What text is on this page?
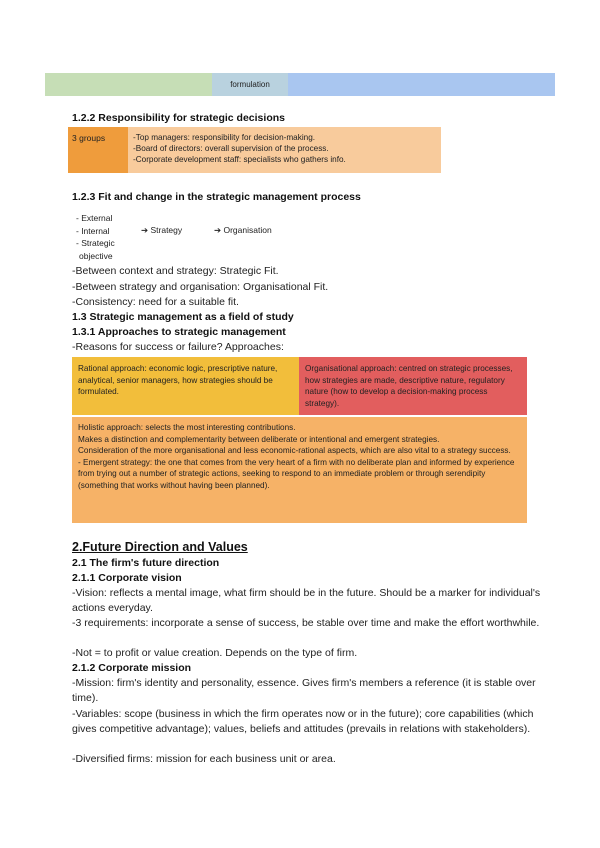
formulation
1.2.2 Responsibility for strategic decisions
3 groups	-Top managers: responsibility for decision-making.
-Board of directors: overall supervision of the process.
-Corporate development staff: specialists who gathers info.
1.2.3 Fit and change in the strategic management process
- External
- Internal
- Strategic
objective
➔ Strategy	➔ Organisation
-Between context and strategy: Strategic Fit.
-Between strategy and organisation: Organisational Fit.
-Consistency: need for a suitable fit.
1.3 Strategic management as a field of study
1.3.1 Approaches to strategic management
-Reasons for success or failure? Approaches:
Rational approach: economic logic, prescriptive nature, analytical, senior managers, how strategies should be formulated.
Organisational approach: centred on strategic processes, how strategies are made, descriptive nature, regulatory nature (how to develop a decision-making process strategy).
Holistic approach: selects the most interesting contributions.
Makes a distinction and complementarity between deliberate or intentional and emergent strategies.
Consideration of the more organisational and less economic-rational aspects, which are also vital to a strategy success.
- Emergent strategy: the one that comes from the very heart of a firm with no deliberate plan and informed by experience from trying out a number of strategic actions, seeking to respond to an immediate problem or through serendipity (something that works without having been planned).
2.Future Direction and Values
2.1 The firm's future direction
2.1.1 Corporate vision
-Vision: reflects a mental image, what firm should be in the future. Should be a marker for individual's actions everyday.
-3 requirements: incorporate a sense of success, be stable over time and make the effort worthwhile.
-Not = to profit or value creation. Depends on the type of firm.
2.1.2 Corporate mission
-Mission: firm's identity and personality, essence. Gives firm's members a reference (it is stable over time).
-Variables: scope (business in which the firm operates now or in the future); core capabilities (which gives competitive advantage); values, beliefs and attitudes (prevails in relations with stakeholders).
-Diversified firms: mission for each business unit or area.
